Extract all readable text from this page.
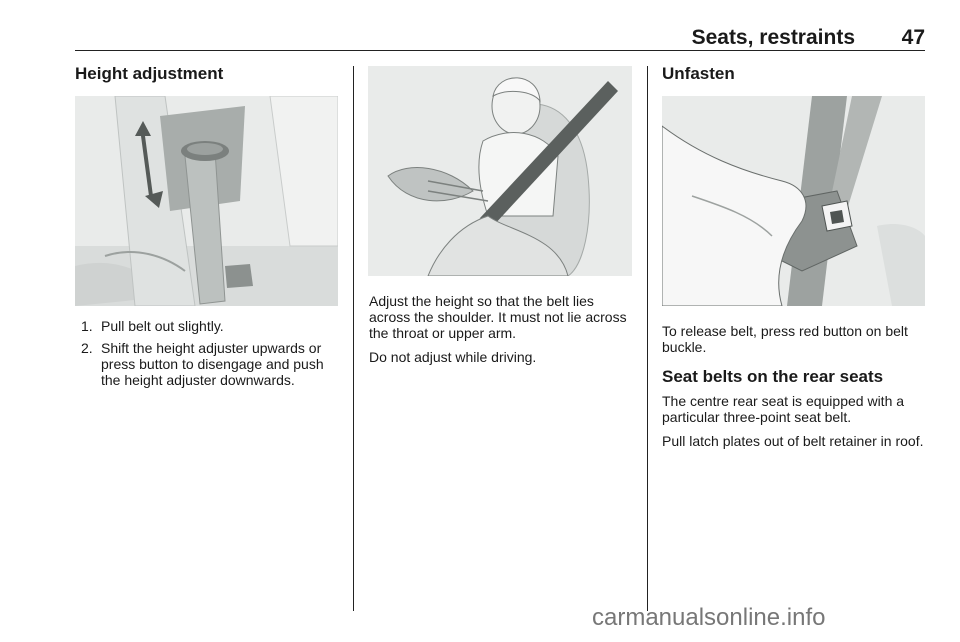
Seats, restraints 47
Height adjustment
1. Pull belt out slightly.
2. Shift the height adjuster upwards or press button to disengage and push the height adjuster downwards.

Adjust the height so that the belt lies across the shoulder. It must not lie across the throat or upper arm.

Do not adjust while driving.

Unfasten

To release belt, press red button on belt buckle.

Seat belts on the rear seats

The centre rear seat is equipped with a particular three-point seat belt.

Pull latch plates out of belt retainer in roof.

carmanualsonline.info
